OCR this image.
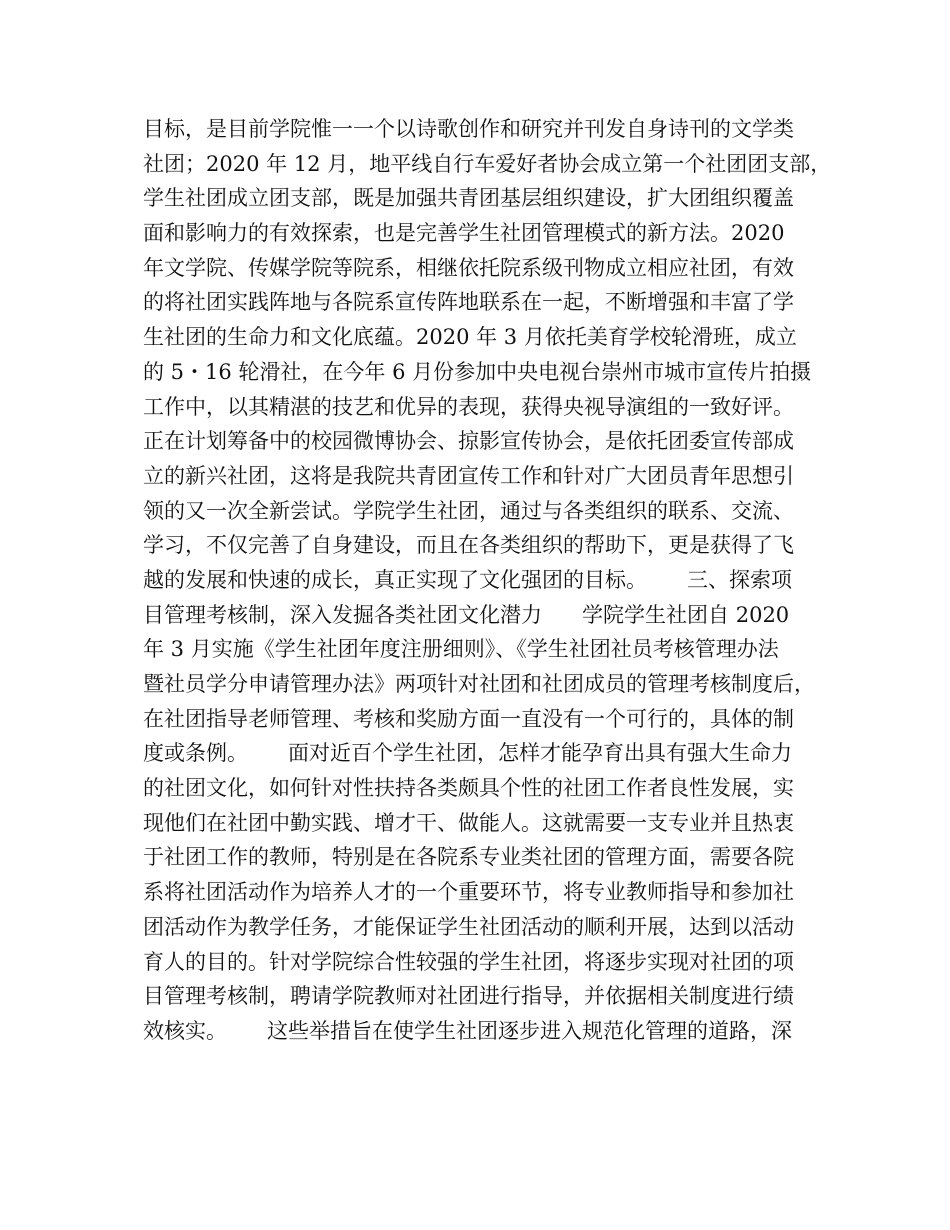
目标，是目前学院惟一一个以诗歌创作和研究并刊发自身诗刊的文学类
社团；2020 年 12 月，地平线自行车爱好者协会成立第一个社团团支部，
学生社团成立团支部，既是加强共青团基层组织建设，扩大团组织覆盖
面和影响力的有效探索，也是完善学生社团管理模式的新方法。2020
年文学院、传媒学院等院系，相继依托院系级刊物成立相应社团，有效
的将社团实践阵地与各院系宣传阵地联系在一起，不断增强和丰富了学
生社团的生命力和文化底蕴。2020 年 3 月依托美育学校轮滑班，成立
的 5・16 轮滑社，在今年 6 月份参加中央电视台崇州市城市宣传片拍摄
工作中，以其精湛的技艺和优异的表现，获得央视导演组的一致好评。
正在计划筹备中的校园微博协会、掠影宣传协会，是依托团委宣传部成
立的新兴社团，这将是我院共青团宣传工作和针对广大团员青年思想引
领的又一次全新尝试。学院学生社团，通过与各类组织的联系、交流、
学习，不仅完善了自身建设，而且在各类组织的帮助下，更是获得了飞
越的发展和快速的成长，真正实现了文化强团的目标。      三、探索项
目管理考核制，深入发掘各类社团文化潜力      学院学生社团自 2020
年 3 月实施《学生社团年度注册细则》、《学生社团社员考核管理办法
暨社员学分申请管理办法》两项针对社团和社团成员的管理考核制度后，
在社团指导老师管理、考核和奖励方面一直没有一个可行的，具体的制
度或条例。      面对近百个学生社团，怎样才能孕育出具有强大生命力
的社团文化，如何针对性扶持各类颇具个性的社团工作者良性发展，实
现他们在社团中勤实践、增才干、做能人。这就需要一支专业并且热衷
于社团工作的教师，特别是在各院系专业类社团的管理方面，需要各院
系将社团活动作为培养人才的一个重要环节，将专业教师指导和参加社
团活动作为教学任务，才能保证学生社团活动的顺利开展，达到以活动
育人的目的。针对学院综合性较强的学生社团，将逐步实现对社团的项
目管理考核制，聘请学院教师对社团进行指导，并依据相关制度进行绩
效核实。      这些举措旨在使学生社团逐步进入规范化管理的道路，深
